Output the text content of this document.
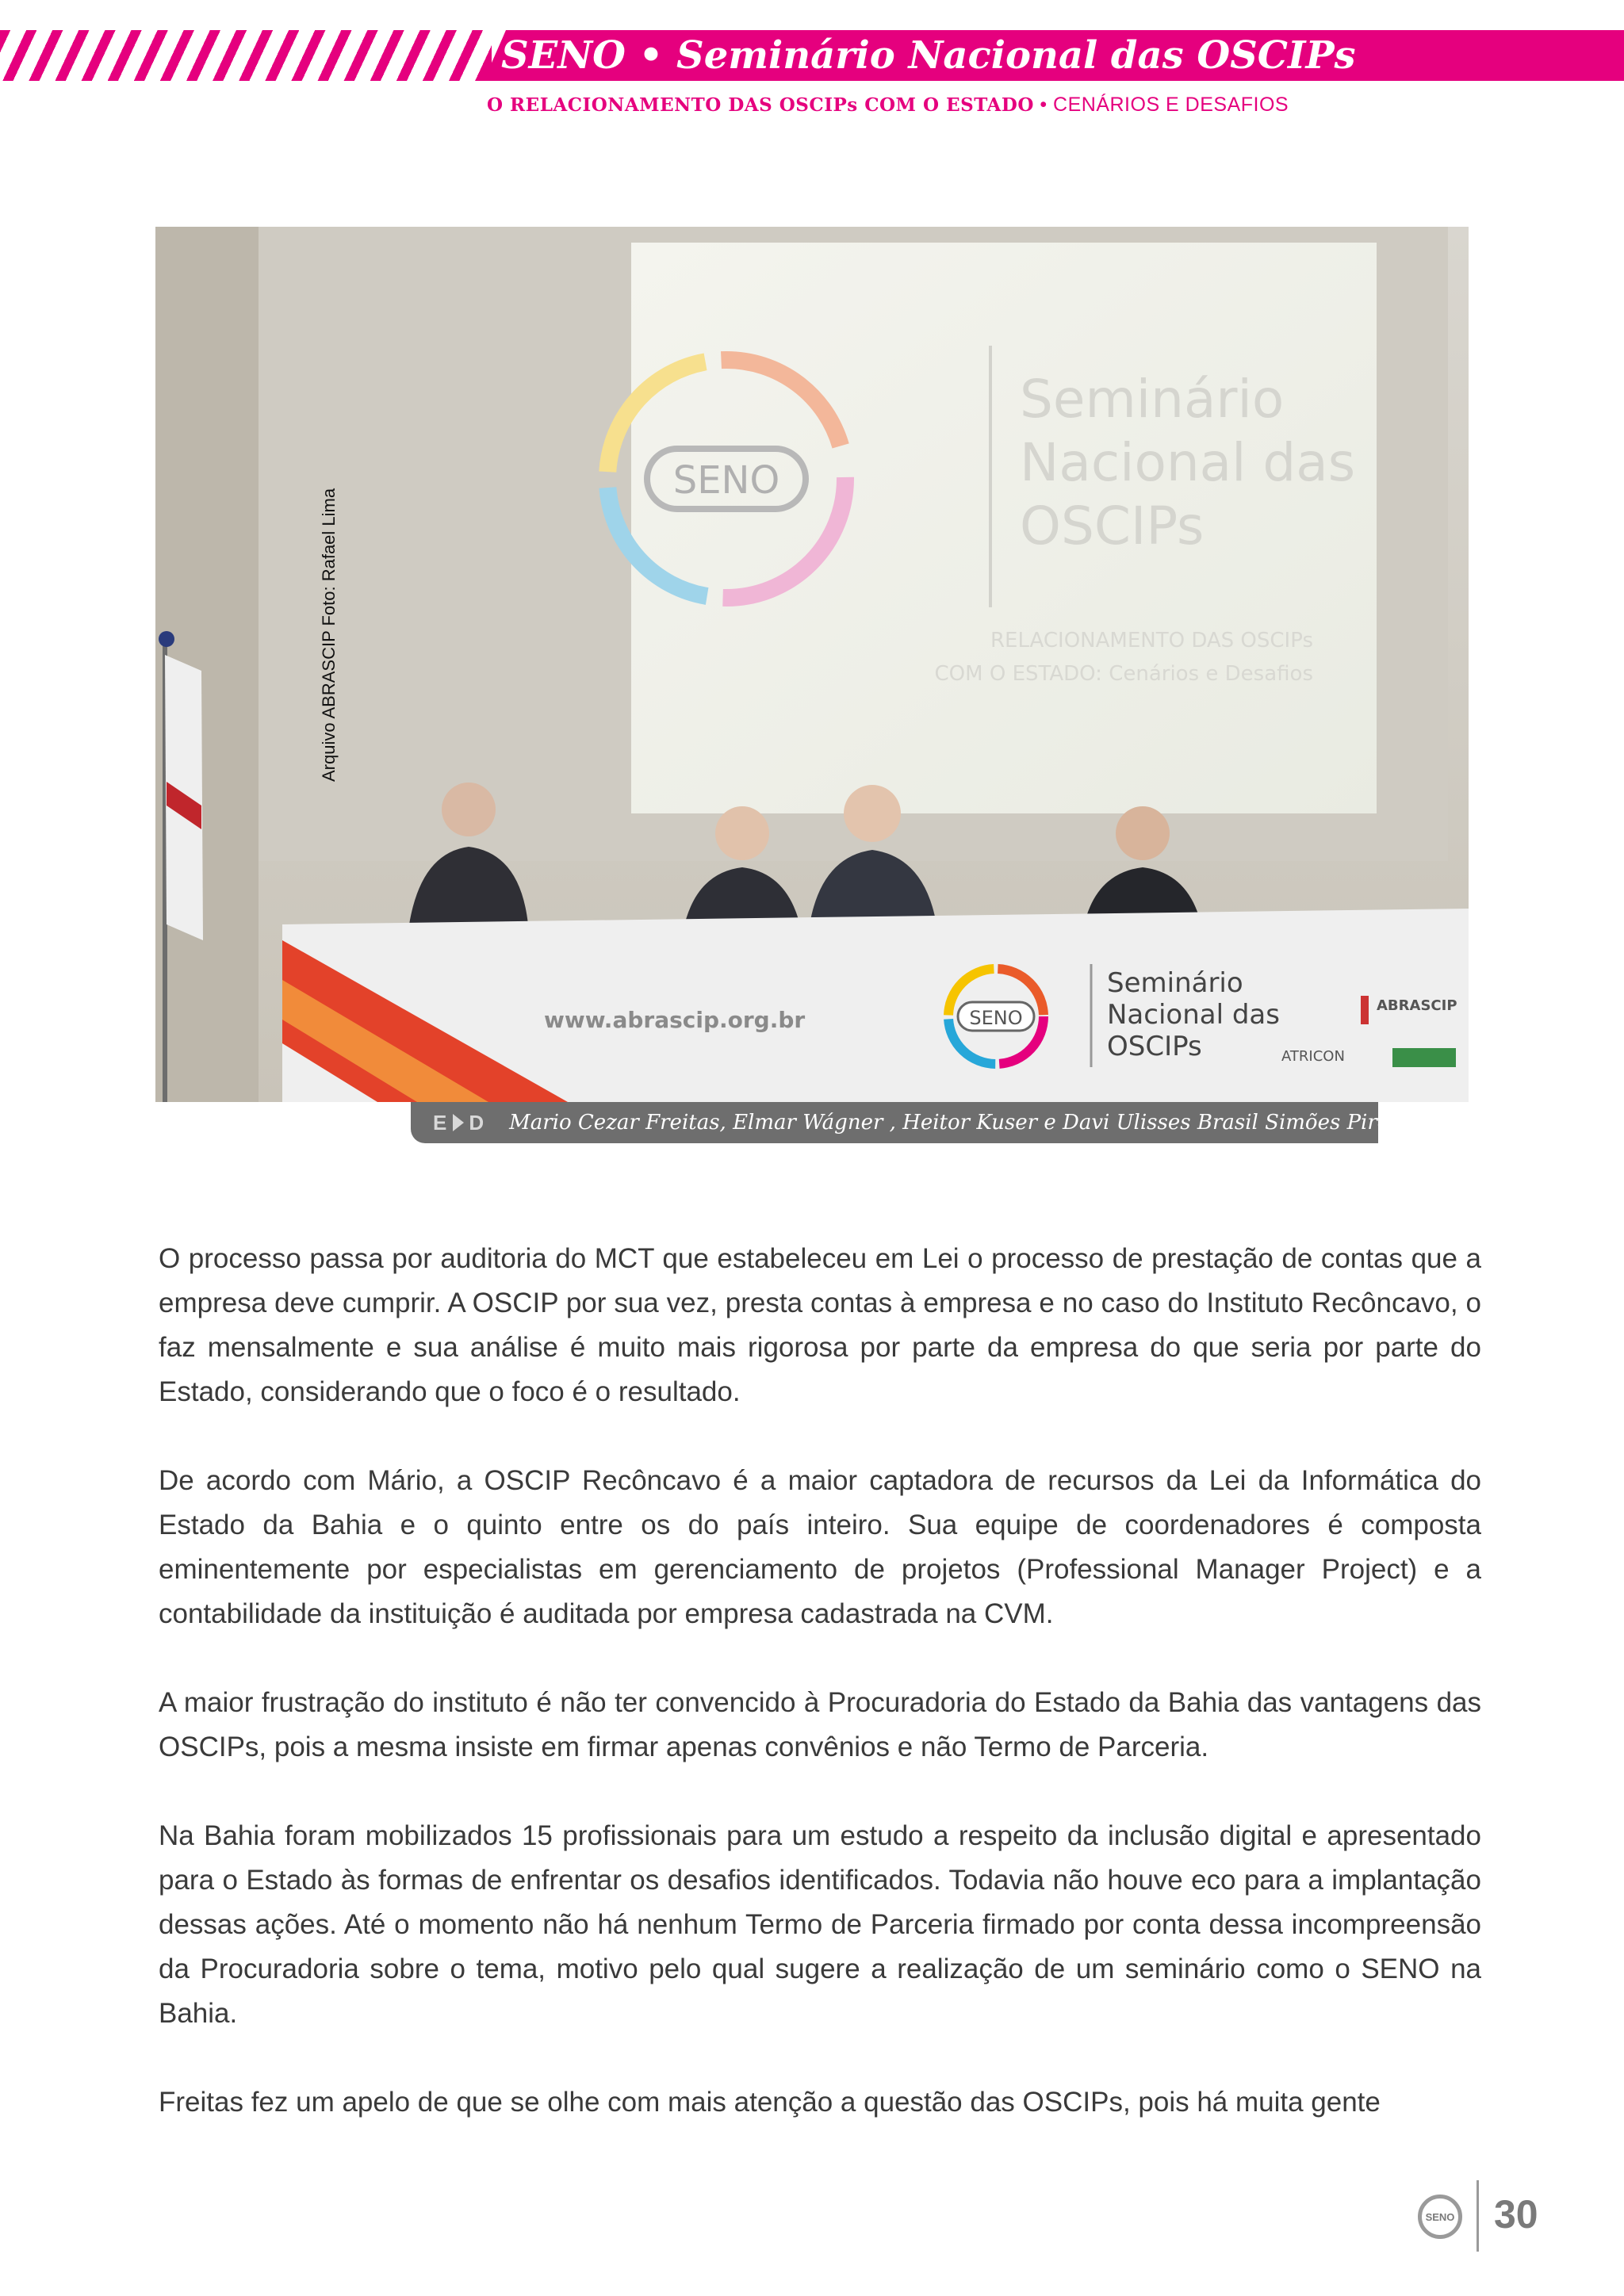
SENO • Seminário Nacional das OSCIPs
O RELACIONAMENTO DAS OSCIPs COM O ESTADO • CENÁRIOS E DESAFIOS
SENO
Seminário
Nacional das
OSCIPs
RELACIONAMENTO DAS OSCIPs
COM O ESTADO: Cenários e Desafios
www.abrascip.org.br	SENO
Seminário
Nacional das
OSCIPs
ABRASCIP
ATRICON
Arquivo ABRASCIP Foto: Rafael Lima
E D Mario Cezar Freitas, Elmar Wágner , Heitor Kuser e Davi Ulisses Brasil Simões Pires

O processo passa por auditoria do MCT que estabeleceu em Lei o processo de prestação de contas que a empresa deve cumprir. A OSCIP por sua vez, presta contas à empresa e no caso do Instituto Recôncavo, o faz mensalmente e sua análise é muito mais rigorosa por parte da empresa do que seria por parte do Estado, considerando que o foco é o resultado.

De acordo com Mário, a OSCIP Recôncavo é a maior captadora de recursos da Lei da Informática do Estado da Bahia e o quinto entre os do país inteiro. Sua equipe de coordenadores é composta eminentemente por especialistas em gerenciamento de projetos (Professional Manager Project) e a contabilidade da instituição é auditada por empresa cadastrada na CVM.

A maior frustração do instituto é não ter convencido à Procuradoria do Estado da Bahia das vantagens das OSCIPs, pois a mesma insiste em firmar apenas convênios e não Termo de Parceria.

Na Bahia foram mobilizados 15 profissionais para um estudo a respeito da inclusão digital e apresentado para o Estado às formas de enfrentar os desafios identificados. Todavia não houve eco para a implantação dessas ações. Até o momento não há nenhum Termo de Parceria firmado por conta dessa incompreensão da Procuradoria sobre o tema, motivo pelo qual sugere a realização de um seminário como o SENO na Bahia.

Freitas fez um apelo de que se olhe com mais atenção a questão das OSCIPs, pois há muita gente

SENO 30
